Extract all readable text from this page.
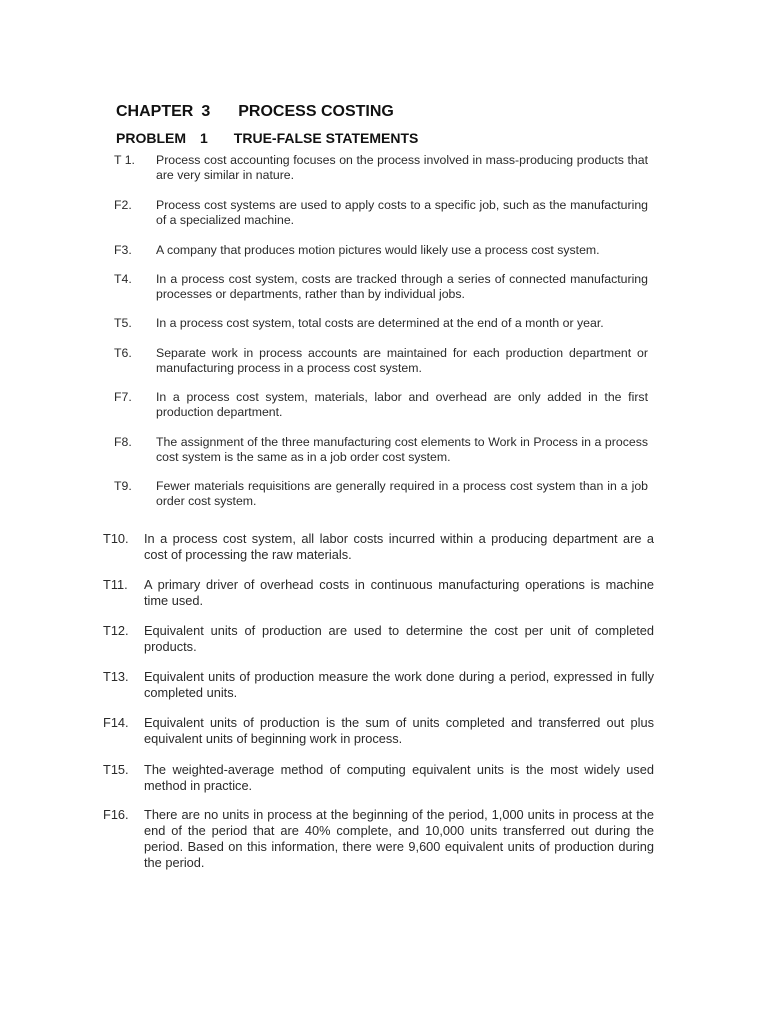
CHAPTER 3 PROCESS COSTING
PROBLEM 1 TRUE-FALSE STATEMENTS
T 1. Process cost accounting focuses on the process involved in mass-producing products that are very similar in nature.
F2. Process cost systems are used to apply costs to a specific job, such as the manufacturing of a specialized machine.
F3. A company that produces motion pictures would likely use a process cost system.
T4. In a process cost system, costs are tracked through a series of connected manufacturing processes or departments, rather than by individual jobs.
T5. In a process cost system, total costs are determined at the end of a month or year.
T6. Separate work in process accounts are maintained for each production department or manufacturing process in a process cost system.
F7. In a process cost system, materials, labor and overhead are only added in the first production department.
F8. The assignment of the three manufacturing cost elements to Work in Process in a process cost system is the same as in a job order cost system.
T9. Fewer materials requisitions are generally required in a process cost system than in a job order cost system.
T10. In a process cost system, all labor costs incurred within a producing department are a cost of processing the raw materials.
T11. A primary driver of overhead costs in continuous manufacturing operations is machine time used.
T12. Equivalent units of production are used to determine the cost per unit of completed products.
T13. Equivalent units of production measure the work done during a period, expressed in fully completed units.
F14. Equivalent units of production is the sum of units completed and transferred out plus equivalent units of beginning work in process.
T15. The weighted-average method of computing equivalent units is the most widely used method in practice.
F16. There are no units in process at the beginning of the period, 1,000 units in process at the end of the period that are 40% complete, and 10,000 units transferred out during the period. Based on this information, there were 9,600 equivalent units of production during the period.
